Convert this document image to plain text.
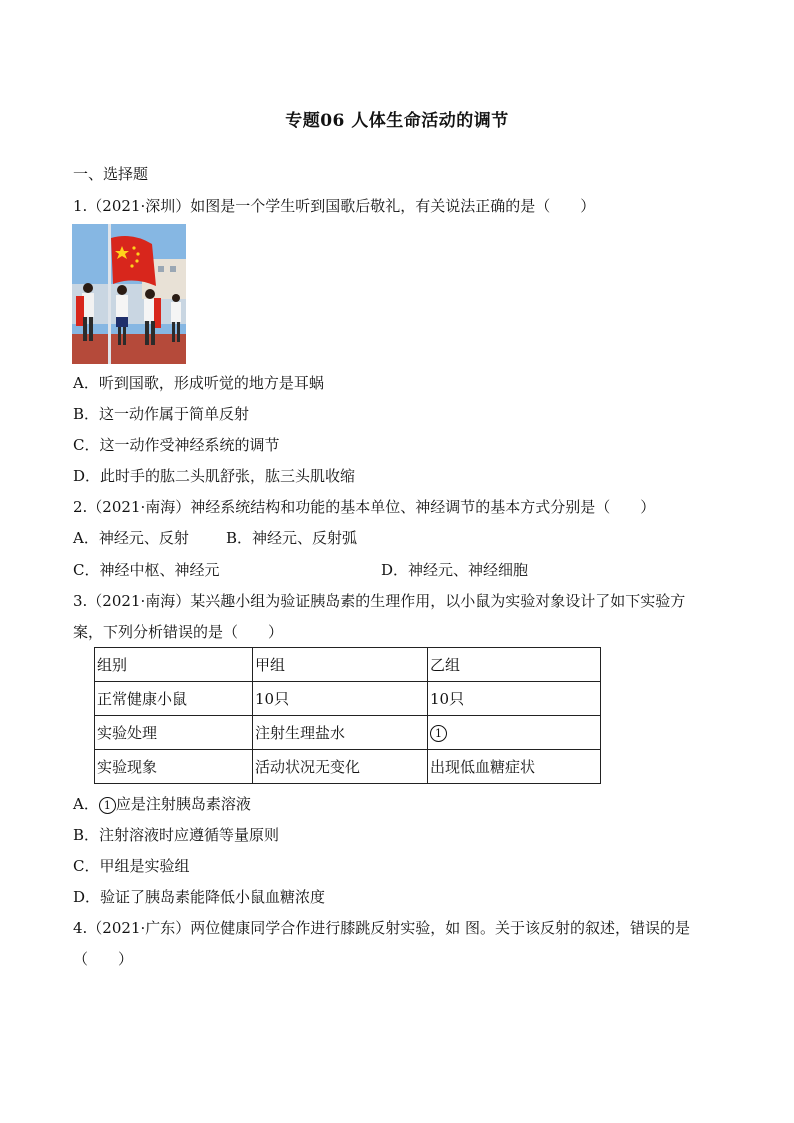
专题06 人体生命活动的调节
一、选择题
1.（2021·深圳）如图是一个学生听到国歌后敬礼，有关说法正确的是（　　）
A．听到国歌，形成听觉的地方是耳蜗
B．这一动作属于简单反射
C．这一动作受神经系统的调节
D．此时手的肱二头肌舒张，肱三头肌收缩
2.（2021·南海）神经系统结构和功能的基本单位、神经调节的基本方式分别是（　　）
A．神经元、反射 B．神经元、反射弧
C．神经中枢、神经元	D．神经元、神经细胞
3.（2021·南海）某兴趣小组为验证胰岛素的生理作用，以小鼠为实验对象设计了如下实验方
案，下列分析错误的是（　　）
组别	甲组	乙组
正常健康小鼠	10只	10只
实验处理	注射生理盐水	1
实验现象	活动状况无变化	出现低血糖症状
A． 1 应是注射胰岛素溶液
B．注射溶液时应遵循等量原则
C．甲组是实验组
D．验证了胰岛素能降低小鼠血糖浓度
4.（2021·广东）两位健康同学合作进行膝跳反射实验，如 图。关于该反射的叙述，错误的是
（　　）
